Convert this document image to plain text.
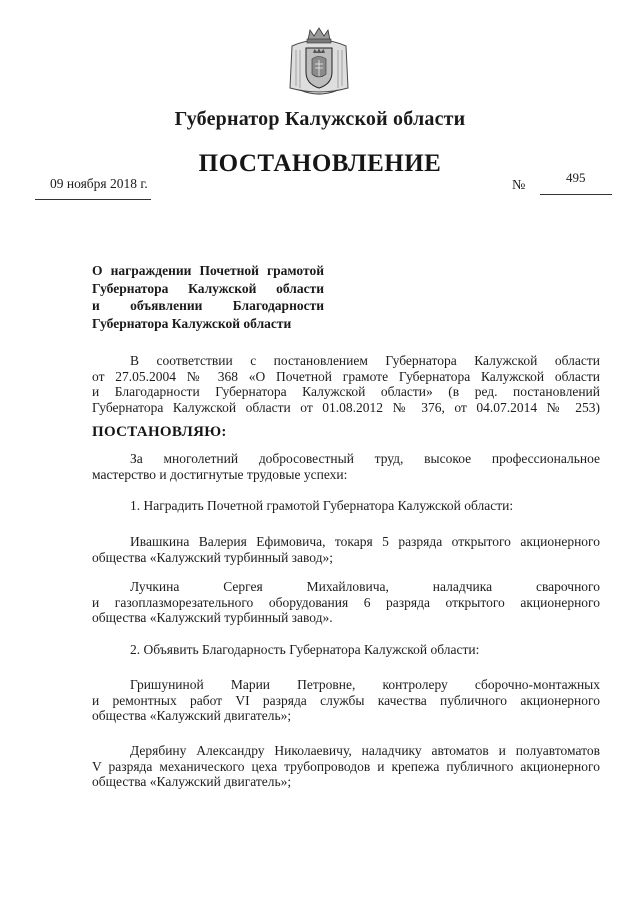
Губернатор Калужской области
ПОСТАНОВЛЕНИЕ
09 ноября 2018 г.	№
495
О награждении Почетной грамотой
Губернатора Калужской области
и объявлении Благодарности
Губернатора Калужской области
В соответствии с постановлением Губернатора Калужской области
от 27.05.2004 № 368 «О Почетной грамоте Губернатора Калужской области
и Благодарности Губернатора Калужской области» (в ред. постановлений
Губернатора Калужской области от 01.08.2012 № 376, от 04.07.2014 № 253)
ПОСТАНОВЛЯЮ:
За многолетний добросовестный труд, высокое профессиональное
мастерство и достигнутые трудовые успехи:
1. Наградить Почетной грамотой Губернатора Калужской области:
Ивашкина Валерия Ефимовича, токаря 5 разряда открытого акционерного
общества «Калужский турбинный завод»;
Лучкина Сергея Михайловича, наладчика сварочного
и газоплазморезательного оборудования 6 разряда открытого акционерного
общества «Калужский турбинный завод».
2. Объявить Благодарность Губернатора Калужской области:
Гришуниной Марии Петровне, контролеру сборочно-монтажных
и ремонтных работ VI разряда службы качества публичного акционерного
общества «Калужский двигатель»;
Дерябину Александру Николаевичу, наладчику автоматов и полуавтоматов
V разряда механического цеха трубопроводов и крепежа публичного акционерного
общества «Калужский двигатель»;
